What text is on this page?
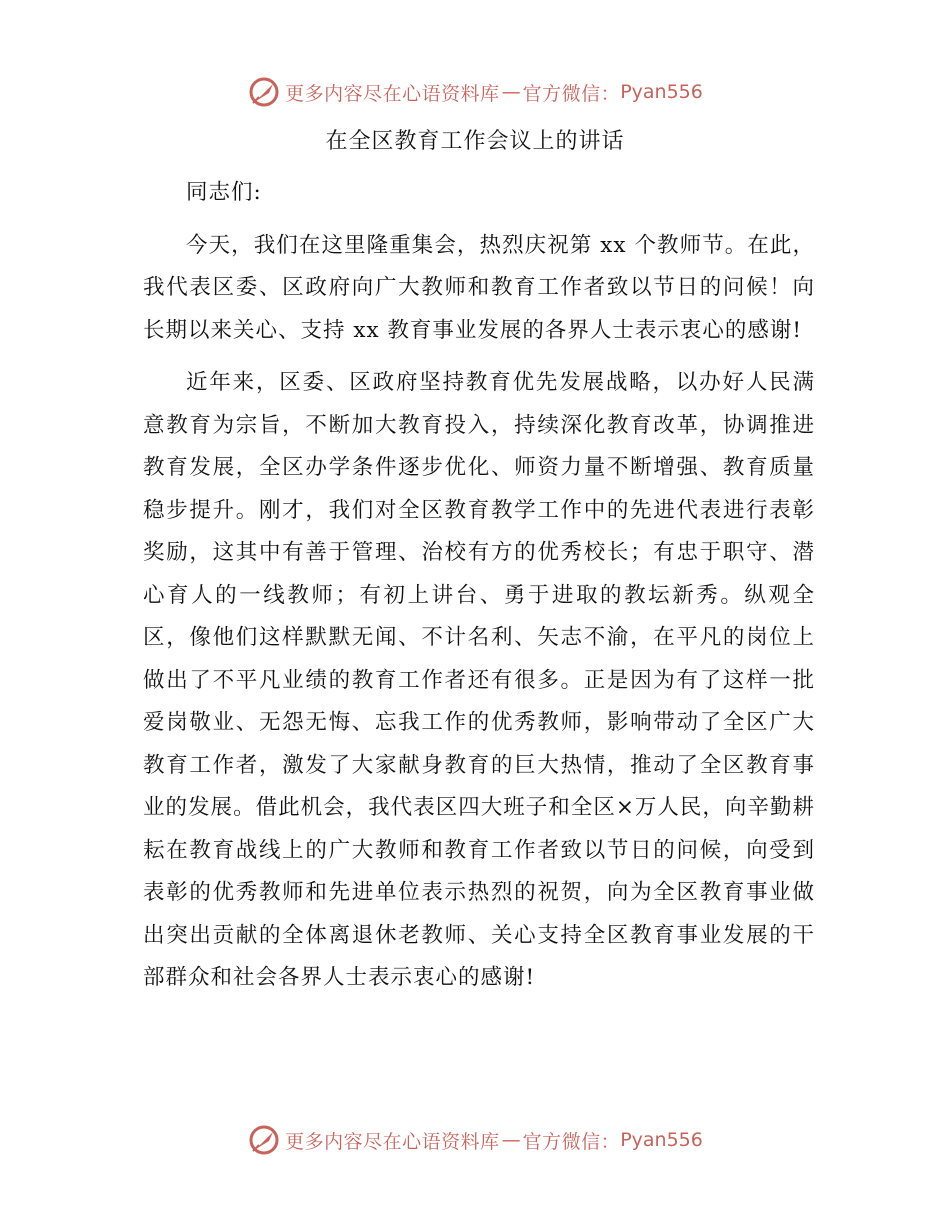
更多内容尽在心语资料库 — 官方微信： Pyan556
在全区教育工作会议上的讲话

同志们:

今天，我们在这里隆重集会，热烈庆祝第 xx 个教师节。在此，我代表区委、区政府向广大教师和教育工作者致以节日的问候！向长期以来关心、支持 xx 教育事业发展的各界人士表示衷心的感谢!

近年来，区委、区政府坚持教育优先发展战略，以办好人民满意教育为宗旨，不断加大教育投入，持续深化教育改革，协调推进教育发展，全区办学条件逐步优化、师资力量不断增强、教育质量稳步提升。刚才，我们对全区教育教学工作中的先进代表进行表彰奖励，这其中有善于管理、治校有方的优秀校长；有忠于职守、潜心育人的一线教师；有初上讲台、勇于进取的教坛新秀。纵观全区，像他们这样默默无闻、不计名利、矢志不渝，在平凡的岗位上做出了不平凡业绩的教育工作者还有很多。正是因为有了这样一批爱岗敬业、无怨无悔、忘我工作的优秀教师，影响带动了全区广大教育工作者，激发了大家献身教育的巨大热情，推动了全区教育事业的发展。借此机会，我代表区四大班子和全区×万人民，向辛勤耕耘在教育战线上的广大教师和教育工作者致以节日的问候，向受到表彰的优秀教师和先进单位表示热烈的祝贺，向为全区教育事业做出突出贡献的全体离退休老教师、关心支持全区教育事业发展的干部群众和社会各界人士表示衷心的感谢!

更多内容尽在心语资料库 — 官方微信： Pyan556
